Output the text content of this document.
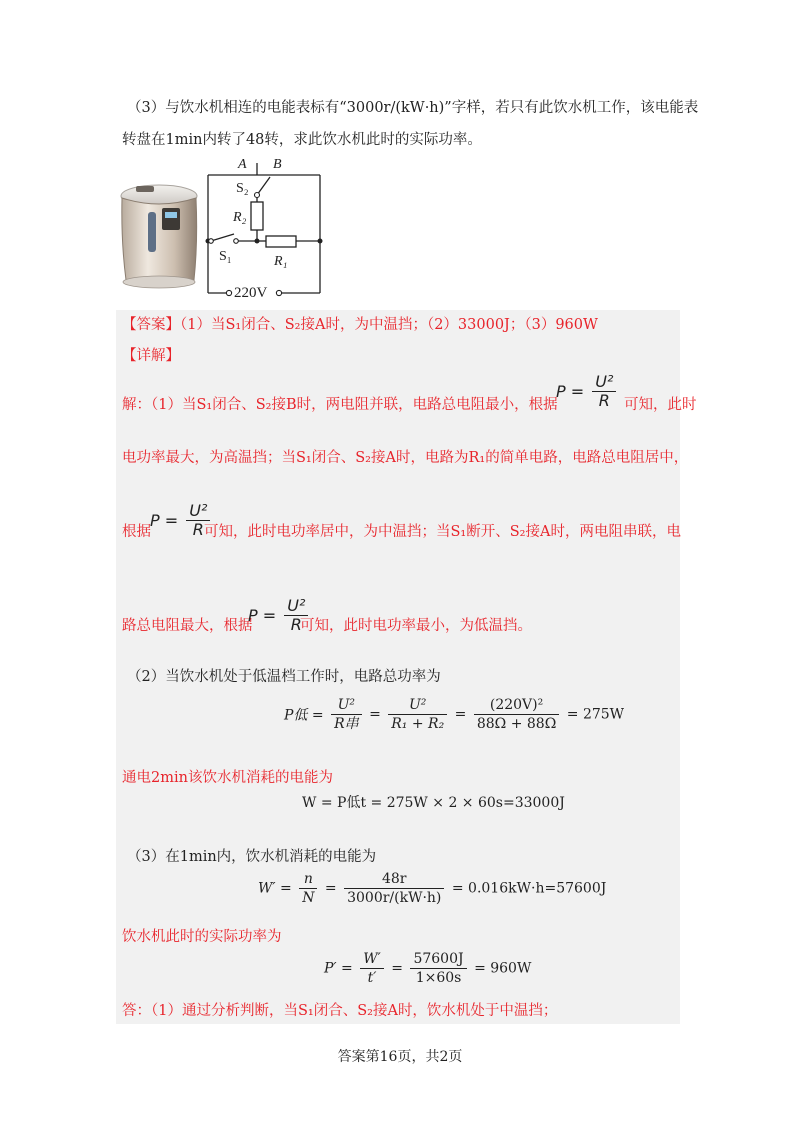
（3）与饮水机相连的电能表标有“3000r/(kW·h)”字样，若只有此饮水机工作，该电能表
转盘在1min内转了48转，求此饮水机此时的实际功率。
A B
S₂
R₂
S₁	R₁
220V
【答案】（1）当S₁闭合、S₂接A时，为中温挡；（2）33000J；（3）960W
【详解】
解：（1）当S₁闭合、S₂接B时，两电阻并联，电路总电阻最小，根据
$P = \frac{\text{U²}}{R}$ 可知，此时
电功率最大，为高温挡；当S₁闭合、S₂接A时，电路为R₁的简单电路，电路总电阻居中，
根据
$P = \frac{\text{U²}}{R}$
可知，此时电功率居中，为中温挡；当S₁断开、S₂接A时，两电阻串联，电
路总电阻最大，根据
$P = \frac{\text{U²}}{R}$
可知，此时电功率最小，为低温挡。
（2）当饮水机处于低温档工作时，电路总功率为
P低 = $\frac{\text{U²}}{\text{R串}} = \frac{\text{U²}}{\text{R₁ + R₂}} = \frac{\text{(220V)²}}{88\Omega + 88\Omega} = 275W$
通电2min该饮水机消耗的电能为
W = P低t = 275W × 2 × 60s=33000J
（3）在1min内，饮水机消耗的电能为
$W' = \frac{n}{N} = \frac{48r}{3000r/(kW\cdot h)} = 0.016kW\cdot h=57600J$
饮水机此时的实际功率为
$P' = \frac{W'}{t'} = \frac{57600J}{1\times 60s} = 960W$
答：（1）通过分析判断，当S₁闭合、S₂接A时，饮水机处于中温挡；
答案第16页，共2页
